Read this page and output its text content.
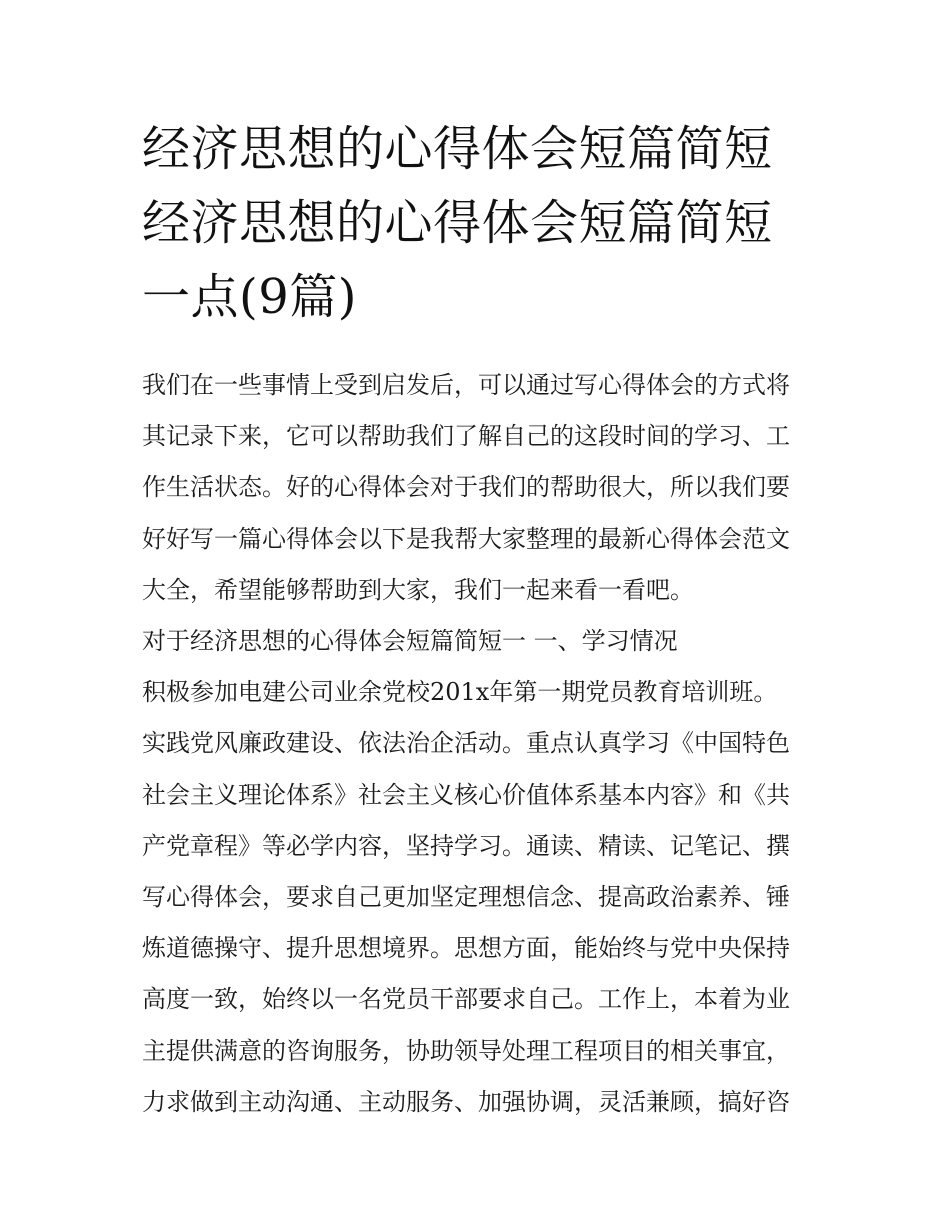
经济思想的心得体会短篇简短
经济思想的心得体会短篇简短
一点(9篇)

我们在一些事情上受到启发后，可以通过写心得体会的方式将
其记录下来，它可以帮助我们了解自己的这段时间的学习、工
作生活状态。好的心得体会对于我们的帮助很大，所以我们要
好好写一篇心得体会以下是我帮大家整理的最新心得体会范文
大全，希望能够帮助到大家，我们一起来看一看吧。

对于经济思想的心得体会短篇简短一 一、学习情况

积极参加电建公司业余党校201x年第一期党员教育培训班。

实践党风廉政建设、依法治企活动。重点认真学习《中国特色
社会主义理论体系》社会主义核心价值体系基本内容》和《共
产党章程》等必学内容，坚持学习。通读、精读、记笔记、撰
写心得体会，要求自己更加坚定理想信念、提高政治素养、锤
炼道德操守、提升思想境界。思想方面，能始终与党中央保持
高度一致，始终以一名党员干部要求自己。工作上，本着为业
主提供满意的咨询服务，协助领导处理工程项目的相关事宜，
力求做到主动沟通、主动服务、加强协调，灵活兼顾，搞好咨
